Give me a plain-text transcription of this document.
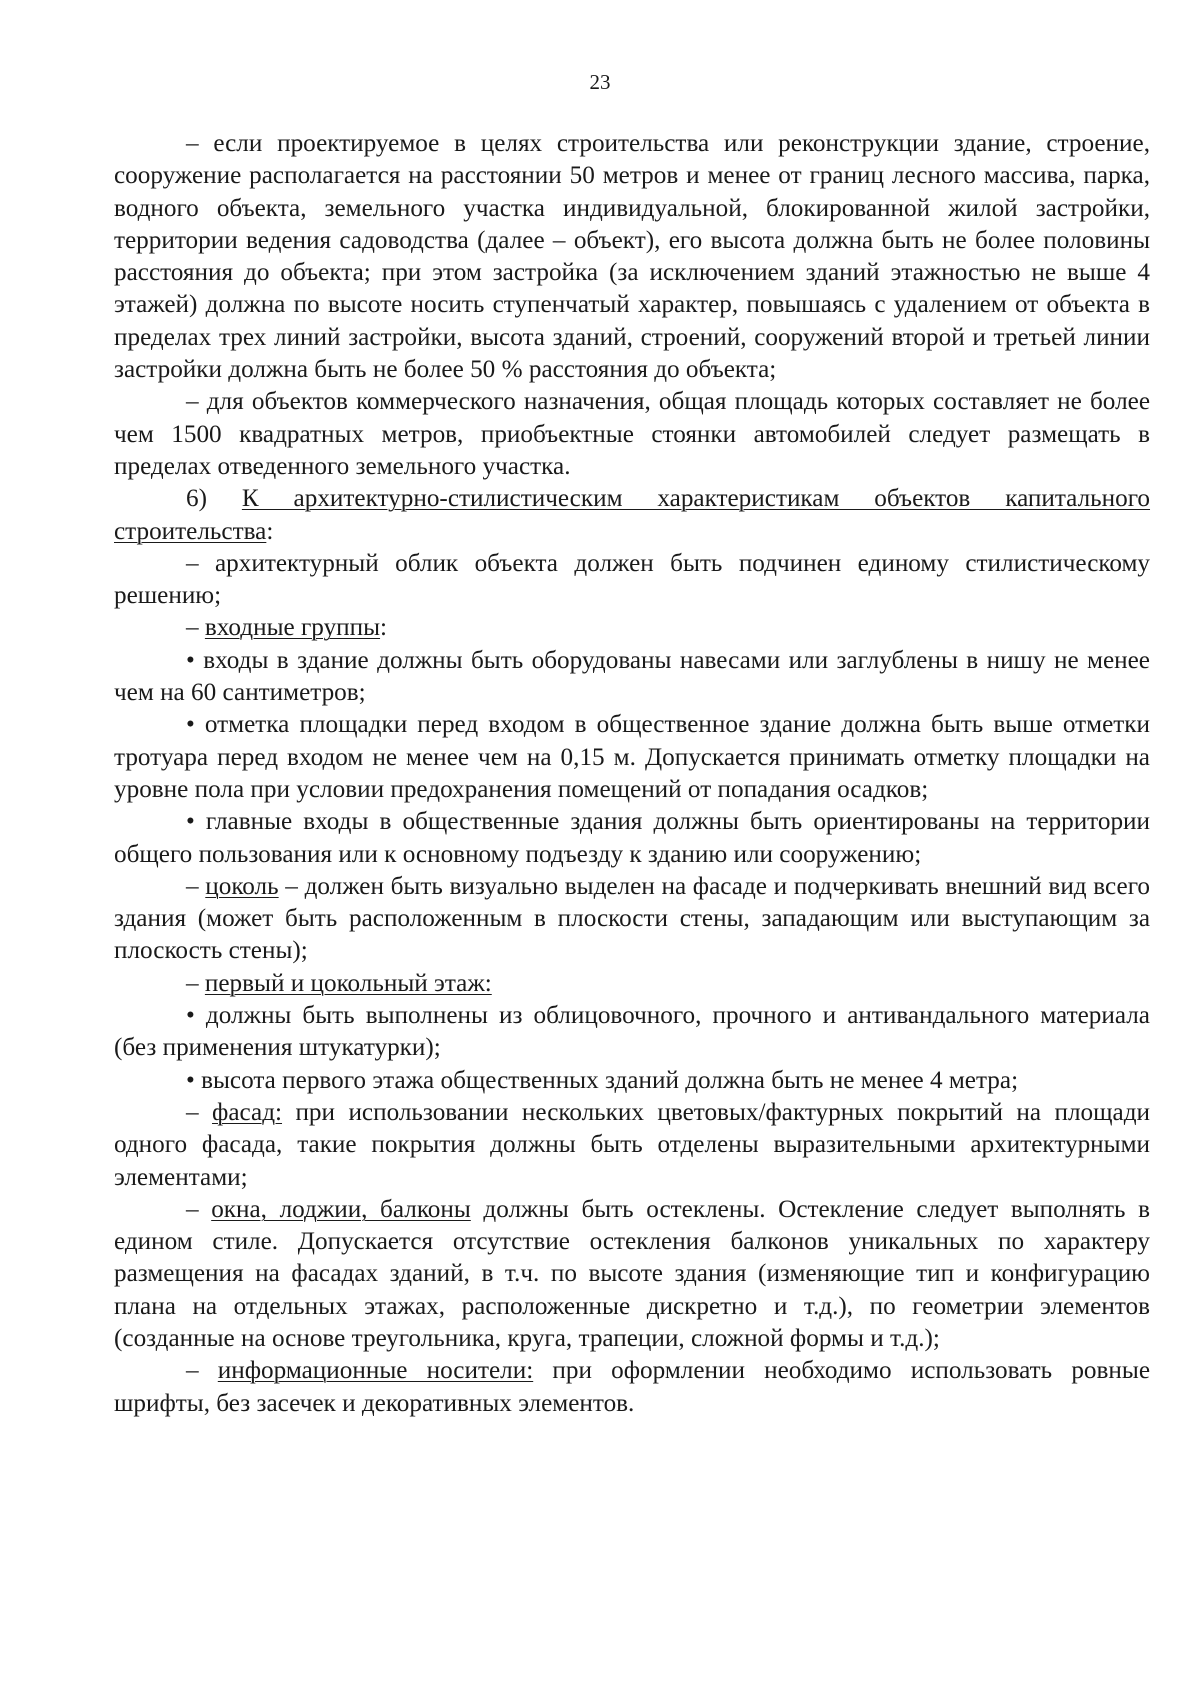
23

– если проектируемое в целях строительства или реконструкции здание, строение, сооружение располагается на расстоянии 50 метров и менее от границ лесного массива, парка, водного объекта, земельного участка индивидуальной, блокированной жилой застройки, территории ведения садоводства (далее – объект), его высота должна быть не более половины расстояния до объекта; при этом застройка (за исключением зданий этажностью не выше 4 этажей) должна по высоте носить ступенчатый характер, повышаясь с удалением от объекта в пределах трех линий застройки, высота зданий, строений, сооружений второй и третьей линии застройки должна быть не более 50 % расстояния до объекта;

– для объектов коммерческого назначения, общая площадь которых составляет не более чем 1500 квадратных метров, приобъектные стоянки автомобилей следует размещать в пределах отведенного земельного участка.

6) К архитектурно-стилистическим характеристикам объектов капитального строительства:

– архитектурный облик объекта должен быть подчинен единому стилистическому решению;

– входные группы:

• входы в здание должны быть оборудованы навесами или заглублены в нишу не менее чем на 60 сантиметров;

• отметка площадки перед входом в общественное здание должна быть выше отметки тротуара перед входом не менее чем на 0,15 м. Допускается принимать отметку площадки на уровне пола при условии предохранения помещений от попадания осадков;

• главные входы в общественные здания должны быть ориентированы на территории общего пользования или к основному подъезду к зданию или сооружению;

– цоколь – должен быть визуально выделен на фасаде и подчеркивать внешний вид всего здания (может быть расположенным в плоскости стены, западающим или выступающим за плоскость стены);

– первый и цокольный этаж:

• должны быть выполнены из облицовочного, прочного и антивандального материала (без применения штукатурки);

• высота первого этажа общественных зданий должна быть не менее 4 метра;

– фасад: при использовании нескольких цветовых/фактурных покрытий на площади одного фасада, такие покрытия должны быть отделены выразительными архитектурными элементами;

– окна, лоджии, балконы должны быть остеклены. Остекление следует выполнять в едином стиле. Допускается отсутствие остекления балконов уникальных по характеру размещения на фасадах зданий, в т.ч. по высоте здания (изменяющие тип и конфигурацию плана на отдельных этажах, расположенные дискретно и т.д.), по геометрии элементов (созданные на основе треугольника, круга, трапеции, сложной формы и т.д.);

– информационные носители: при оформлении необходимо использовать ровные шрифты, без засечек и декоративных элементов.
